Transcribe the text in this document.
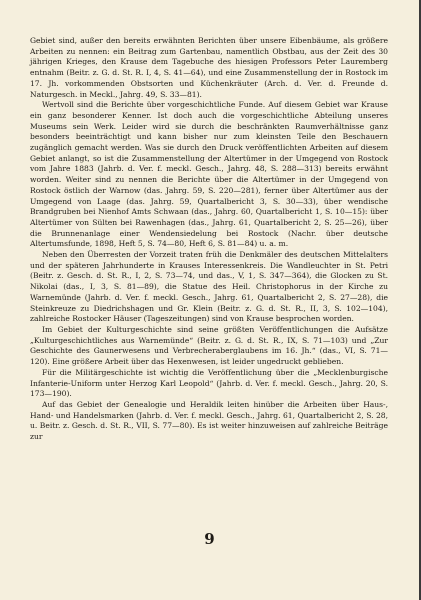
Gebiet sind, außer den bereits erwähnten Berichten über unsere Eibenbäume, als größere Arbeiten zu nennen: ein Beitrag zum Gartenbau, namentlich Obstbau, aus der Zeit des 30 jährigen Krieges, den Krause dem Tagebuche des hiesigen Professors Peter Lauremberg entnahm (Beitr. z. G. d. St. R. I, 4, S. 41—64), und eine Zusammenstellung der in Rostock im 17. Jh. vorkommenden Obstsorten und Küchenkräuter (Arch. d. Ver. d. Freunde d. Naturgesch. in Meckl., Jahrg. 49, S. 33—81).

Wertvoll sind die Berichte über vorgeschichtliche Funde. Auf diesem Gebiet war Krause ein ganz besonderer Kenner. Ist doch auch die vorgeschichtliche Abteilung unseres Museums sein Werk. Leider wird sie durch die beschränkten Raumverhältnisse ganz besonders beeinträchtigt und kann bisher nur zum kleinsten Teile den Beschauern zugänglich gemacht werden. Was sie durch den Druck veröffentlichten Arbeiten auf diesem Gebiet anlangt, so ist die Zusammenstellung der Altertümer in der Umgegend von Rostock vom Jahre 1883 (Jahrb. d. Ver. f. meckl. Gesch., Jahrg. 48, S. 288—313) bereits erwähnt worden. Weiter sind zu nennen die Berichte über die Altertümer in der Umgegend von Rostock östlich der Warnow (das. Jahrg. 59, S. 220—281), ferner über Altertümer aus der Umgegend von Laage (das. Jahrg. 59, Quartalbericht 3, S. 30—33), über wendische Brandgruben bei Nienhof Amts Schwaan (das., Jahrg. 60, Quartalbericht 1, S. 10—15): über Altertümer von Sülten bei Rawenhagen (das., Jahrg. 61, Quartalbericht 2, S. 25—26), über die Brunnenanlage einer Wendensiedelung bei Rostock (Nachr. über deutsche Altertumsfunde, 1898, Heft 5, S. 74—80, Heft 6, S. 81—84) u. a. m.

Neben den Überresten der Vorzeit traten früh die Denkmäler des deutschen Mittelalters und der späteren Jahrhunderte in Krauses Interessenkreis. Die Wandleuchter in St. Petri (Beitr. z. Gesch. d. St. R., I, 2, S. 73—74, und das., V, 1, S. 347—364), die Glocken zu St. Nikolai (das., I, 3, S. 81—89), die Statue des Heil. Christophorus in der Kirche zu Warnemünde (Jahrb. d. Ver. f. meckl. Gesch., Jahrg. 61, Quartalbericht 2, S. 27—28), die Steinkreuze zu Diedrichshagen und Gr. Klein (Beitr. z. G. d. St. R., II, 3, S. 102—104), zahlreiche Rostocker Häuser (Tageszeitungen) sind von Krause besprochen worden.

Im Gebiet der Kulturgeschichte sind seine größten Veröffentlichungen die Aufsätze „Kulturgeschichtliches aus Warnemünde“ (Beitr. z. G. d. St. R., IX, S. 71—103) und „Zur Geschichte des Gaunerwesens und Verbrecheraberglaubens im 16. Jh.“ (das., VI, S. 71—120). Eine größere Arbeit über das Hexenwesen, ist leider ungedruckt geblieben.

Für die Militärgeschichte ist wichtig die Veröffentlichung über die „Mecklenburgische Infanterie-Uniform unter Herzog Karl Leopold“ (Jahrb. d. Ver. f. meckl. Gesch., Jahrg. 20, S. 173—190).

Auf das Gebiet der Genealogie und Heraldik leiten hinüber die Arbeiten über Haus-, Hand- und Handelsmarken (Jahrb. d. Ver. f. meckl. Gesch., Jahrg. 61, Quartalbericht 2, S. 28, u. Beitr. z. Gesch. d. St. R., VII, S. 77—80). Es ist weiter hinzuweisen auf zahlreiche Beiträge zur

9
